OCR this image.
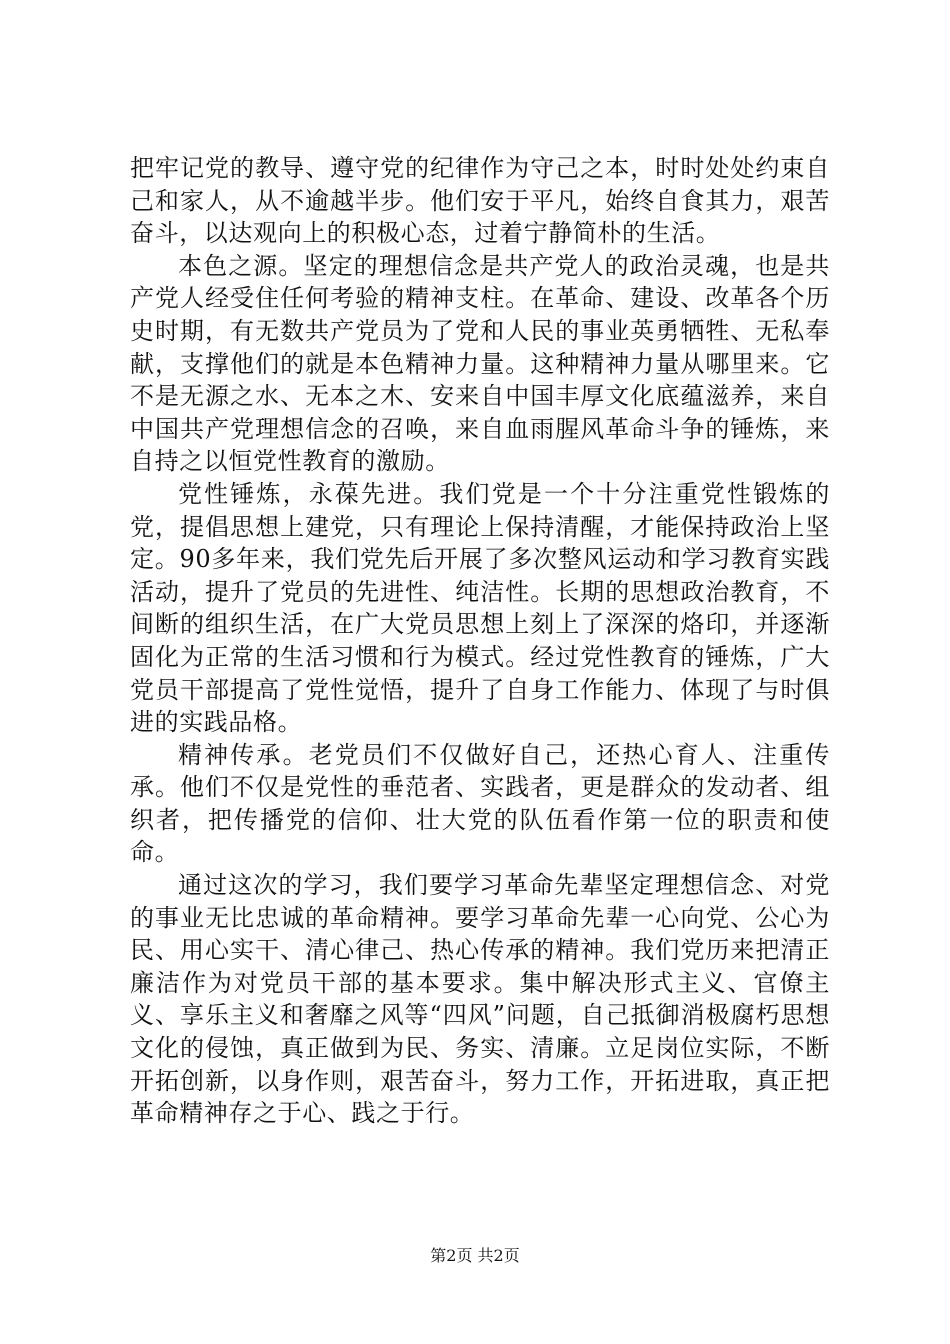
把牢记党的教导、遵守党的纪律作为守己之本，时时处处约束自己和家人，从不逾越半步。他们安于平凡，始终自食其力，艰苦奋斗，以达观向上的积极心态，过着宁静简朴的生活。

本色之源。坚定的理想信念是共产党人的政治灵魂，也是共产党人经受住任何考验的精神支柱。在革命、建设、改革各个历史时期，有无数共产党员为了党和人民的事业英勇牺牲、无私奉献，支撑他们的就是本色精神力量。这种精神力量从哪里来。它不是无源之水、无本之木、安来自中国丰厚文化底蕴滋养，来自中国共产党理想信念的召唤，来自血雨腥风革命斗争的锤炼，来自持之以恒党性教育的激励。

党性锤炼，永葆先进。我们党是一个十分注重党性锻炼的党，提倡思想上建党，只有理论上保持清醒，才能保持政治上坚定。90多年来，我们党先后开展了多次整风运动和学习教育实践活动，提升了党员的先进性、纯洁性。长期的思想政治教育，不间断的组织生活，在广大党员思想上刻上了深深的烙印，并逐渐固化为正常的生活习惯和行为模式。经过党性教育的锤炼，广大党员干部提高了党性觉悟，提升了自身工作能力、体现了与时俱进的实践品格。

精神传承。老党员们不仅做好自己，还热心育人、注重传承。他们不仅是党性的垂范者、实践者，更是群众的发动者、组织者，把传播党的信仰、壮大党的队伍看作第一位的职责和使命。

通过这次的学习，我们要学习革命先辈坚定理想信念、对党的事业无比忠诚的革命精神。要学习革命先辈一心向党、公心为民、用心实干、清心律己、热心传承的精神。我们党历来把清正廉洁作为对党员干部的基本要求。集中解决形式主义、官僚主义、享乐主义和奢靡之风等“四风”问题，自己抵御消极腐朽思想文化的侵蚀，真正做到为民、务实、清廉。立足岗位实际，不断开拓创新，以身作则，艰苦奋斗，努力工作，开拓进取，真正把革命精神存之于心、践之于行。

第2页 共2页
